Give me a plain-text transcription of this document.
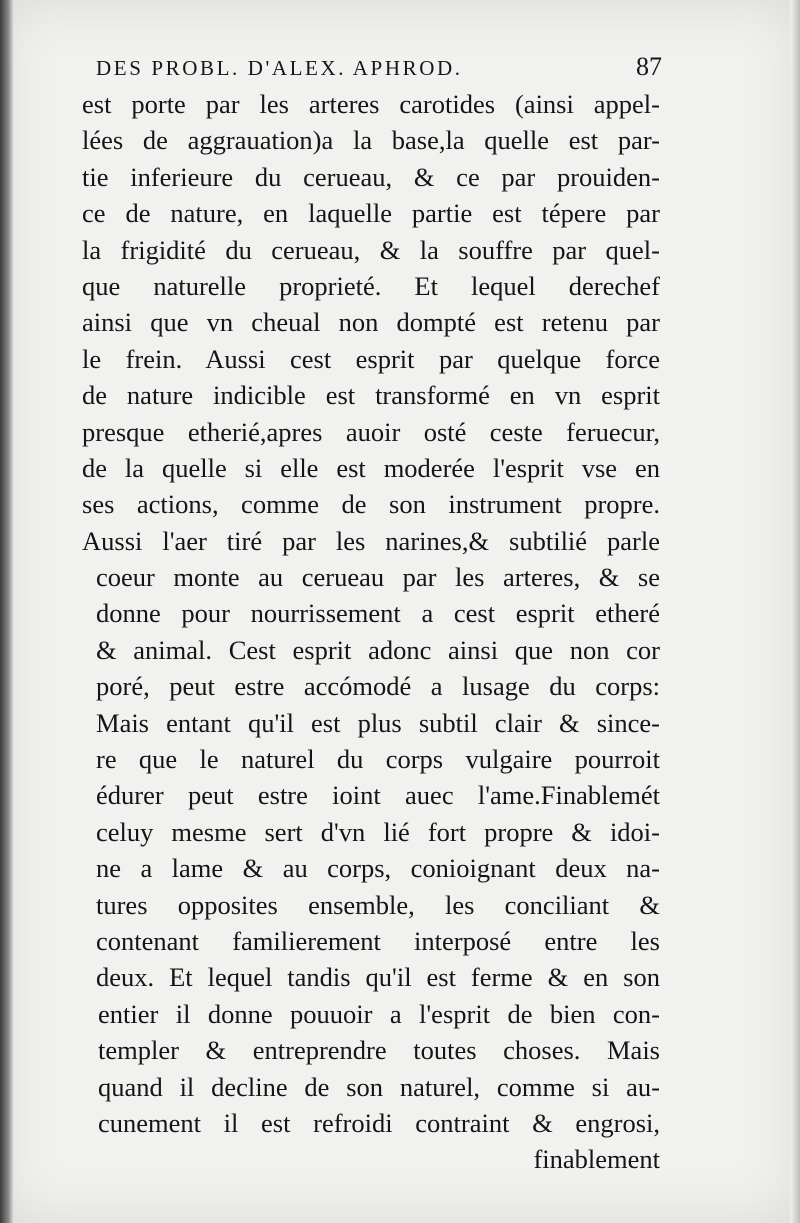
DES PROBL. D'ALEX. APHROD.	87
est porte par les arteres carotides (ainsi appel-
lées de aggrauation)a la base,la quelle est par-
tie inferieure du cerueau, & ce par prouiden-
ce de nature, en laquelle partie est tépere par
la frigidité du cerueau, & la souffre par quel-
que naturelle proprieté. Et lequel derechef
ainsi que vn cheual non dompté est retenu par
le frein. Aussi cest esprit par quelque force
de nature indicible est transformé en vn esprit
presque etherié,apres auoir osté ceste feruecur,
de la quelle si elle est moderée l'esprit vse en
ses actions, comme de son instrument propre.
Aussi l'aer tiré par les narines,& subtilié parle
coeur monte au cerueau par les arteres, & se
donne pour nourrissement a cest esprit etheré
& animal. Cest esprit adonc ainsi que non cor
poré, peut estre accómodé a lusage du corps:
Mais entant qu'il est plus subtil clair & since-
re que le naturel du corps vulgaire pourroit
édurer peut estre ioint auec l'ame.Finablemét
celuy mesme sert d'vn lié fort propre & idoi-
ne a lame & au corps, conioignant deux na-
tures opposites ensemble, les conciliant &
contenant familierement interposé entre les
deux. Et lequel tandis qu'il est ferme & en son
entier il donne pouuoir a l'esprit de bien con-
templer & entreprendre toutes choses. Mais
quand il decline de son naturel, comme si au-
cunement il est refroidi contraint & engrosi,
finablement
